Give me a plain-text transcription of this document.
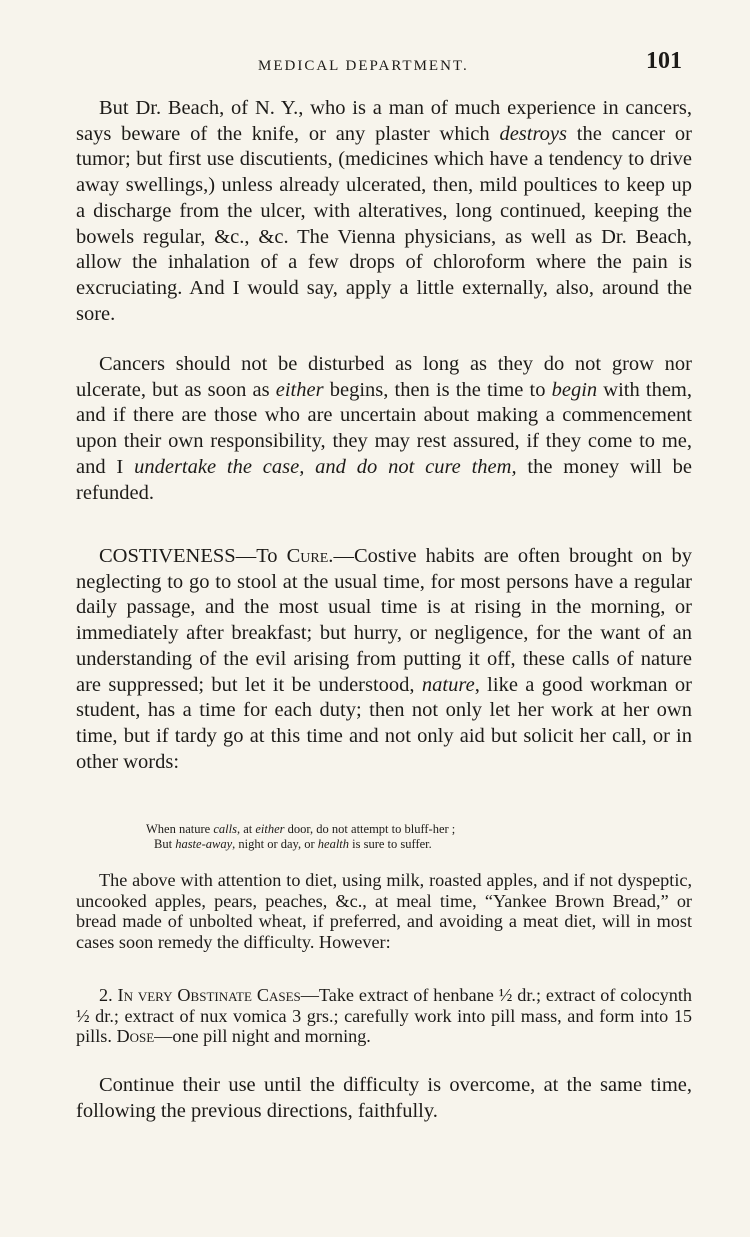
MEDICAL DEPARTMENT.	101

But Dr. Beach, of N. Y., who is a man of much experience in cancers, says beware of the knife, or any plaster which destroys the cancer or tumor; but first use discutients, (medicines which have a tendency to drive away swellings,) unless already ulcerated, then, mild poultices to keep up a discharge from the ulcer, with alteratives, long continued, keeping the bowels regular, &c., &c. The Vienna physicians, as well as Dr. Beach, allow the inhalation of a few drops of chloroform where the pain is excruciating. And I would say, apply a little externally, also, around the sore.

Cancers should not be disturbed as long as they do not grow nor ulcerate, but as soon as either begins, then is the time to begin with them, and if there are those who are uncertain about making a commencement upon their own responsibility, they may rest assured, if they come to me, and I undertake the case, and do not cure them, the money will be refunded.

COSTIVENESS—To Cure.—Costive habits are often brought on by neglecting to go to stool at the usual time, for most persons have a regular daily passage, and the most usual time is at rising in the morning, or immediately after breakfast; but hurry, or negligence, for the want of an understanding of the evil arising from putting it off, these calls of nature are suppressed; but let it be understood, nature, like a good workman or student, has a time for each duty; then not only let her work at her own time, but if tardy go at this time and not only aid but solicit her call, or in other words:

When nature calls, at either door, do not attempt to bluff-her ;
But haste-away, night or day, or health is sure to suffer.

The above with attention to diet, using milk, roasted apples, and if not dyspeptic, uncooked apples, pears, peaches, &c., at meal time, “Yankee Brown Bread,” or bread made of unbolted wheat, if preferred, and avoiding a meat diet, will in most cases soon remedy the difficulty. However:

2. In very Obstinate Cases—Take extract of henbane ½ dr.; extract of colocynth ½ dr.; extract of nux vomica 3 grs.; carefully work into pill mass, and form into 15 pills. Dose—one pill night and morning.

Continue their use until the difficulty is overcome, at the same time, following the previous directions, faithfully.
